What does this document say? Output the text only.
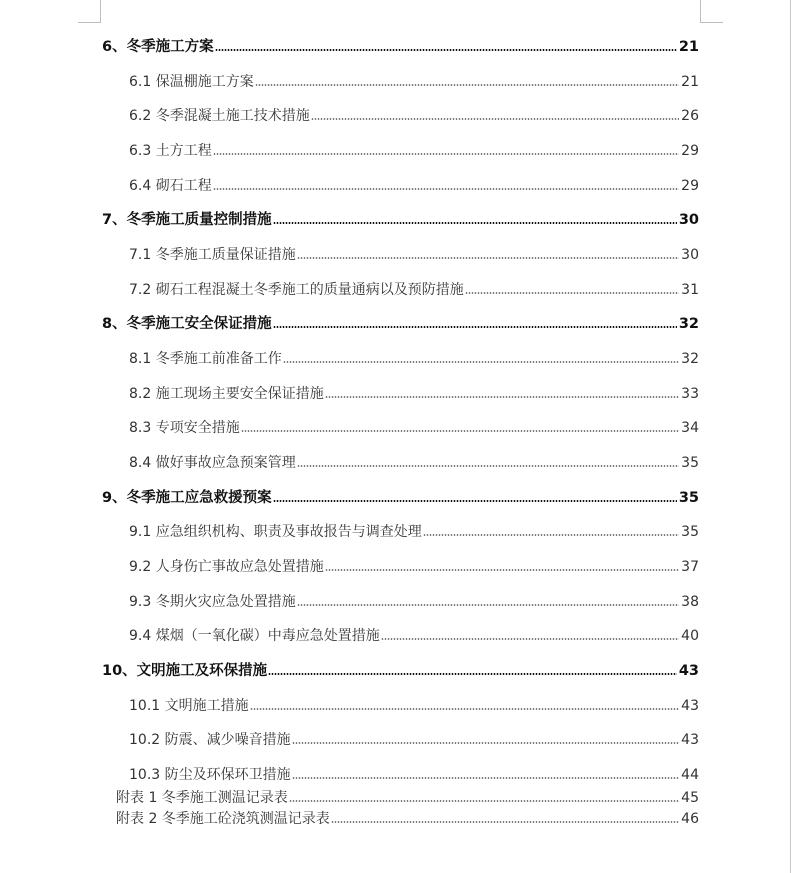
6、冬季施工方案	21
6.1 保温棚施工方案	21
6.2 冬季混凝土施工技术措施	26
6.3 土方工程	29
6.4 砌石工程	29
7、冬季施工质量控制措施	30
7.1 冬季施工质量保证措施	30
7.2 砌石工程混凝土冬季施工的质量通病以及预防措施	31
8、冬季施工安全保证措施	32
8.1 冬季施工前准备工作	32
8.2 施工现场主要安全保证措施	33
8.3 专项安全措施	34
8.4 做好事故应急预案管理	35
9、冬季施工应急救援预案	35
9.1 应急组织机构、职责及事故报告与调查处理	35
9.2 人身伤亡事故应急处置措施	37
9.3 冬期火灾应急处置措施	38
9.4 煤烟（一氧化碳）中毒应急处置措施	40
10、文明施工及环保措施	43
10.1 文明施工措施	43
10.2 防震、减少噪音措施	43
10.3 防尘及环保环卫措施	44
附表 1 冬季施工测温记录表	45
附表 2 冬季施工砼浇筑测温记录表	46
